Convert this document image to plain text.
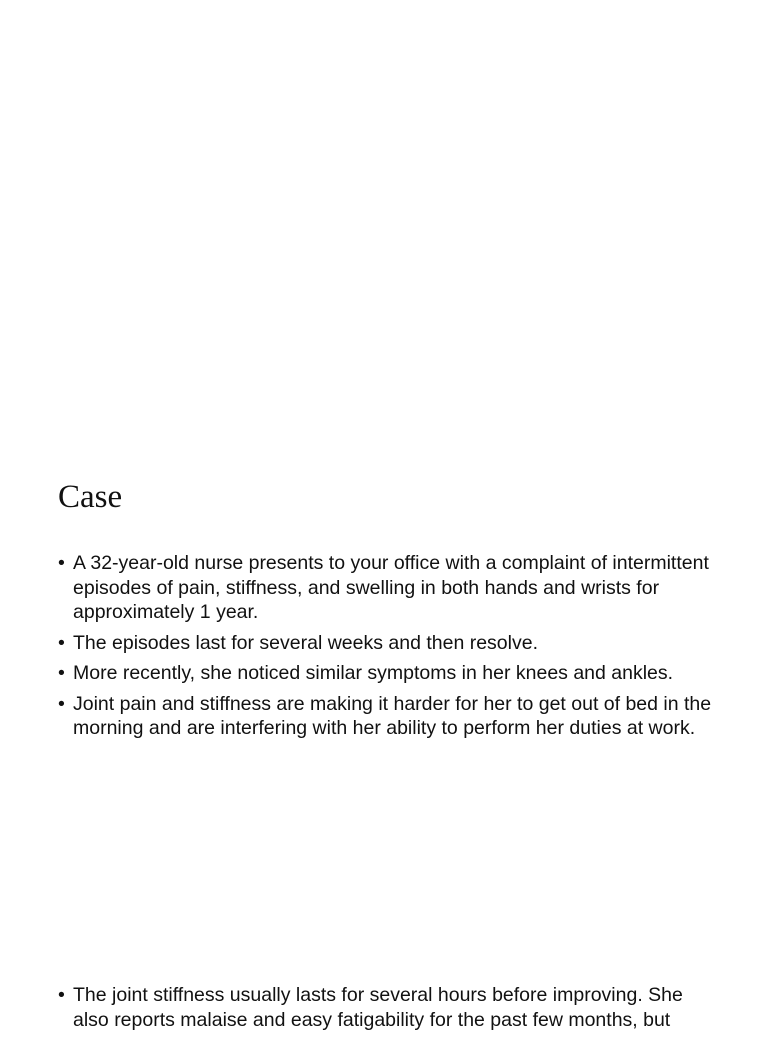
Case
• A 32-year-old nurse presents to your office with a complaint of intermittent episodes of pain, stiffness, and swelling in both hands and wrists for approximately 1 year.
• The episodes last for several weeks and then resolve.
• More recently, she noticed similar symptoms in her knees and ankles.
• Joint pain and stiffness are making it harder for her to get out of bed in the morning and are interfering with her ability to perform her duties at work.
• The joint stiffness usually lasts for several hours before improving. She also reports malaise and easy fatigability for the past few months, but
